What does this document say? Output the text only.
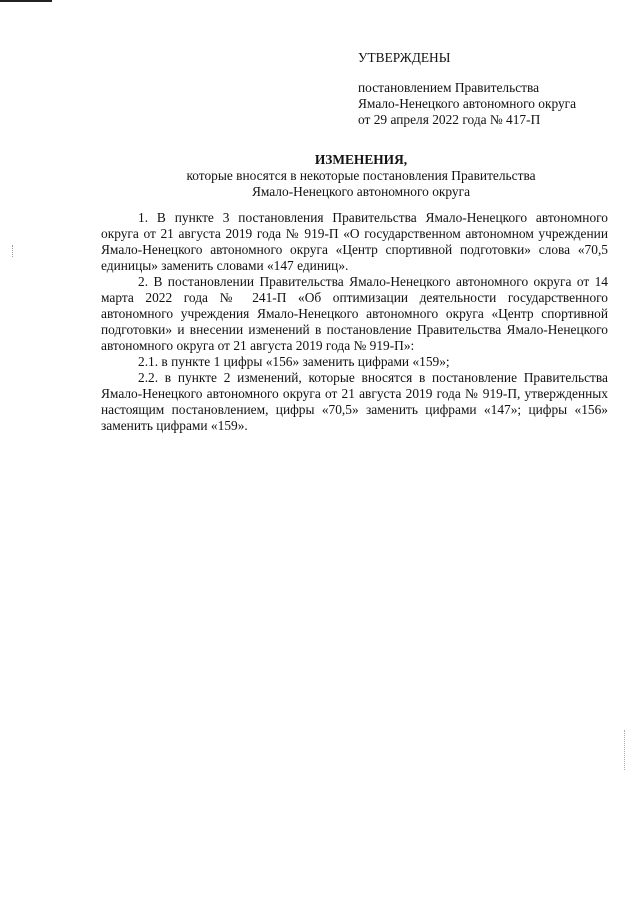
УТВЕРЖДЕНЫ
постановлением Правительства
Ямало-Ненецкого автономного округа
от 29 апреля 2022 года № 417-П
ИЗМЕНЕНИЯ,
которые вносятся в некоторые постановления Правительства
Ямало-Ненецкого автономного округа

1. В пункте 3 постановления Правительства Ямало-Ненецкого автономного округа от 21 августа 2019 года № 919-П «О государственном автономном учреждении Ямало-Ненецкого автономного округа «Центр спортивной подготовки» слова «70,5 единицы» заменить словами «147 единиц».

2. В постановлении Правительства Ямало-Ненецкого автономного округа от 14 марта 2022 года № 241-П «Об оптимизации деятельности государственного автономного учреждения Ямало-Ненецкого автономного округа «Центр спортивной подготовки» и внесении изменений в постановление Правительства Ямало-Ненецкого автономного округа от 21 августа 2019 года № 919-П»:

2.1. в пункте 1 цифры «156» заменить цифрами «159»;

2.2. в пункте 2 изменений, которые вносятся в постановление Правительства Ямало-Ненецкого автономного округа от 21 августа 2019 года № 919-П, утвержденных настоящим постановлением, цифры «70,5» заменить цифрами «147»; цифры «156» заменить цифрами «159».
